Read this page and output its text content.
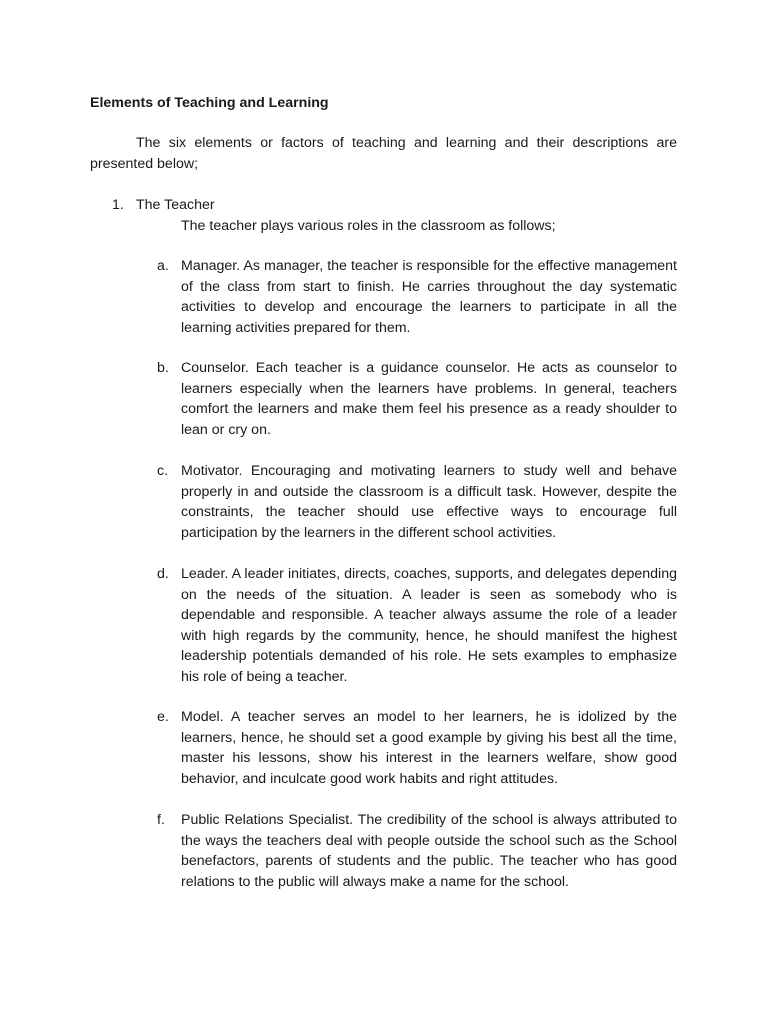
Elements of Teaching and Learning

The six elements or factors of teaching and learning and their descriptions are presented below;

1. The Teacher
The teacher plays various roles in the classroom as follows;
a. Manager. As manager, the teacher is responsible for the effective management of the class from start to finish. He carries throughout the day systematic activities to develop and encourage the learners to participate in all the learning activities prepared for them.

b. Counselor. Each teacher is a guidance counselor. He acts as counselor to learners especially when the learners have problems. In general, teachers comfort the learners and make them feel his presence as a ready shoulder to lean or cry on.

c. Motivator. Encouraging and motivating learners to study well and behave properly in and outside the classroom is a difficult task. However, despite the constraints, the teacher should use effective ways to encourage full participation by the learners in the different school activities.

d. Leader. A leader initiates, directs, coaches, supports, and delegates depending on the needs of the situation. A leader is seen as somebody who is dependable and responsible. A teacher always assume the role of a leader with high regards by the community, hence, he should manifest the highest leadership potentials demanded of his role. He sets examples to emphasize his role of being a teacher.

e. Model. A teacher serves an model to her learners, he is idolized by the learners, hence, he should set a good example by giving his best all the time, master his lessons, show his interest in the learners welfare, show good behavior, and inculcate good work habits and right attitudes.

f. Public Relations Specialist. The credibility of the school is always attributed to the ways the teachers deal with people outside the school such as the School benefactors, parents of students and the public. The teacher who has good relations to the public will always make a name for the school.
